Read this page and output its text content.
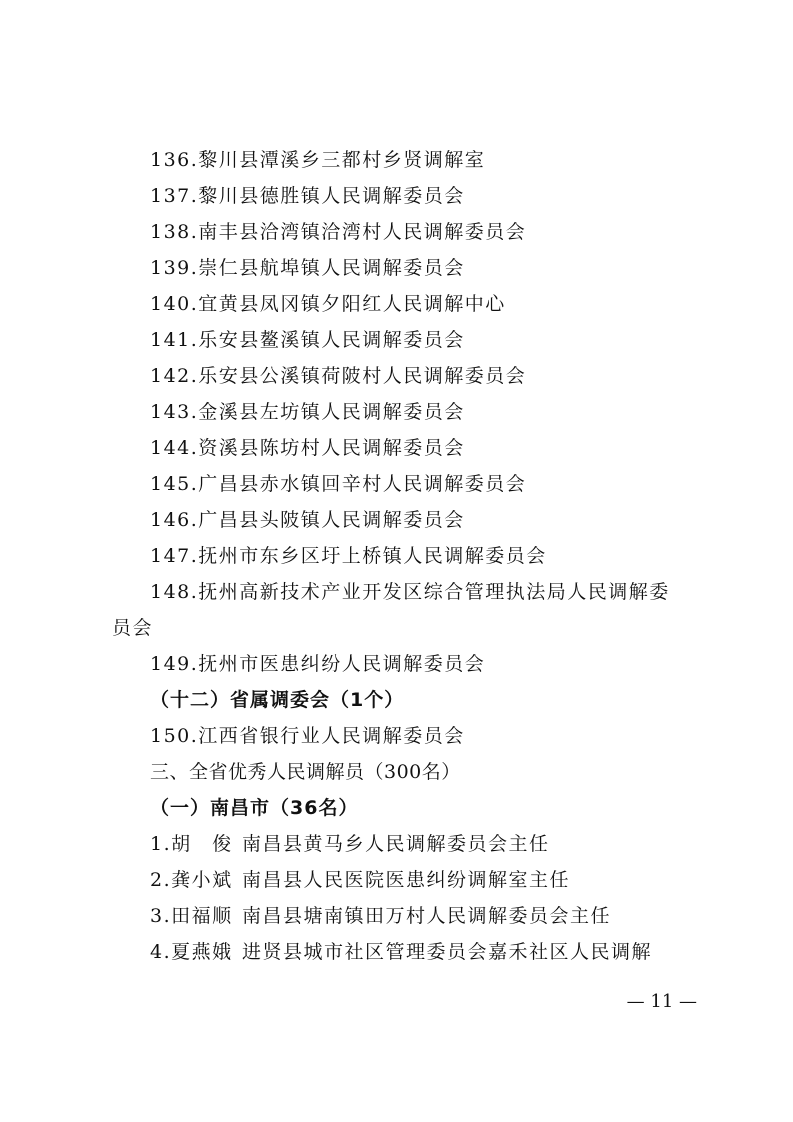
136.黎川县潭溪乡三都村乡贤调解室
137.黎川县德胜镇人民调解委员会
138.南丰县洽湾镇洽湾村人民调解委员会
139.崇仁县航埠镇人民调解委员会
140.宜黄县凤冈镇夕阳红人民调解中心
141.乐安县鳌溪镇人民调解委员会
142.乐安县公溪镇荷陂村人民调解委员会
143.金溪县左坊镇人民调解委员会
144.资溪县陈坊村人民调解委员会
145.广昌县赤水镇回辛村人民调解委员会
146.广昌县头陂镇人民调解委员会
147.抚州市东乡区圩上桥镇人民调解委员会
148.抚州高新技术产业开发区综合管理执法局人民调解委
员会
149.抚州市医患纠纷人民调解委员会
（十二）省属调委会（1个）
150.江西省银行业人民调解委员会
三、全省优秀人民调解员（300名）
（一）南昌市（36名）
1.胡　俊 南昌县黄马乡人民调解委员会主任
2.龚小斌 南昌县人民医院医患纠纷调解室主任
3.田福顺 南昌县塘南镇田万村人民调解委员会主任
4.夏燕娥 进贤县城市社区管理委员会嘉禾社区人民调解
— 11 —
